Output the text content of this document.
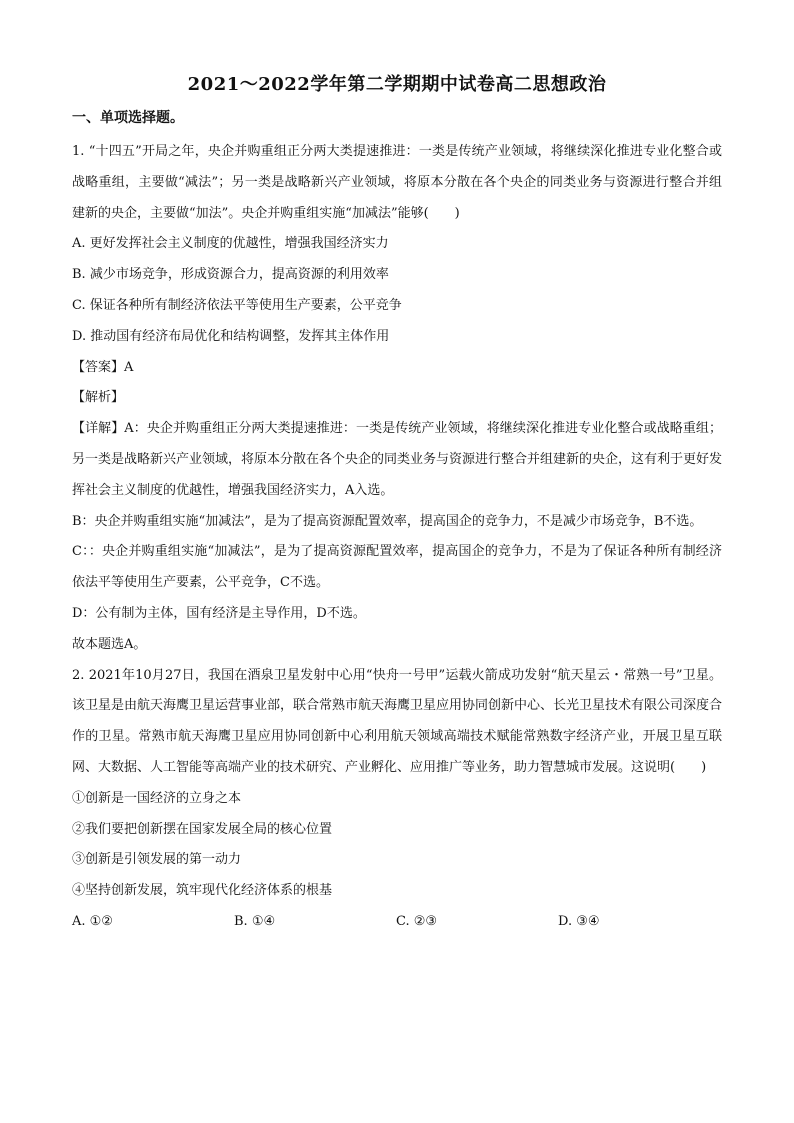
2021～2022学年第二学期期中试卷高二思想政治
一、单项选择题。

1. “十四五”开局之年，央企并购重组正分两大类提速推进：一类是传统产业领域，将继续深化推进专业化整合或战略重组，主要做“减法”；另一类是战略新兴产业领域，将原本分散在各个央企的同类业务与资源进行整合并组建新的央企，主要做“加法”。央企并购重组实施“加减法”能够(　　)

A. 更好发挥社会主义制度的优越性，增强我国经济实力

B. 减少市场竞争，形成资源合力，提高资源的利用效率

C. 保证各种所有制经济依法平等使用生产要素，公平竞争

D. 推动国有经济布局优化和结构调整，发挥其主体作用

【答案】A

【解析】

【详解】A：央企并购重组正分两大类提速推进：一类是传统产业领域，将继续深化推进专业化整合或战略重组；另一类是战略新兴产业领域，将原本分散在各个央企的同类业务与资源进行整合并组建新的央企，这有利于更好发挥社会主义制度的优越性，增强我国经济实力，A入选。

B：央企并购重组实施“加减法”，是为了提高资源配置效率，提高国企的竞争力，不是减少市场竞争，B不选。

C：：央企并购重组实施“加减法”，是为了提高资源配置效率，提高国企的竞争力，不是为了保证各种所有制经济依法平等使用生产要素，公平竞争，C不选。

D：公有制为主体，国有经济是主导作用，D不选。

故本题选A。

2. 2021年10月27日，我国在酒泉卫星发射中心用“快舟一号甲”运载火箭成功发射“航天星云・常熟一号”卫星。该卫星是由航天海鹰卫星运营事业部，联合常熟市航天海鹰卫星应用协同创新中心、长光卫星技术有限公司深度合作的卫星。常熟市航天海鹰卫星应用协同创新中心利用航天领域高端技术赋能常熟数字经济产业，开展卫星互联网、大数据、人工智能等高端产业的技术研究、产业孵化、应用推广等业务，助力智慧城市发展。这说明(　　)

①创新是一国经济的立身之本

②我们要把创新摆在国家发展全局的核心位置

③创新是引领发展的第一动力

④坚持创新发展，筑牢现代化经济体系的根基

A. ①②	B. ①④	C. ②③	D. ③④
